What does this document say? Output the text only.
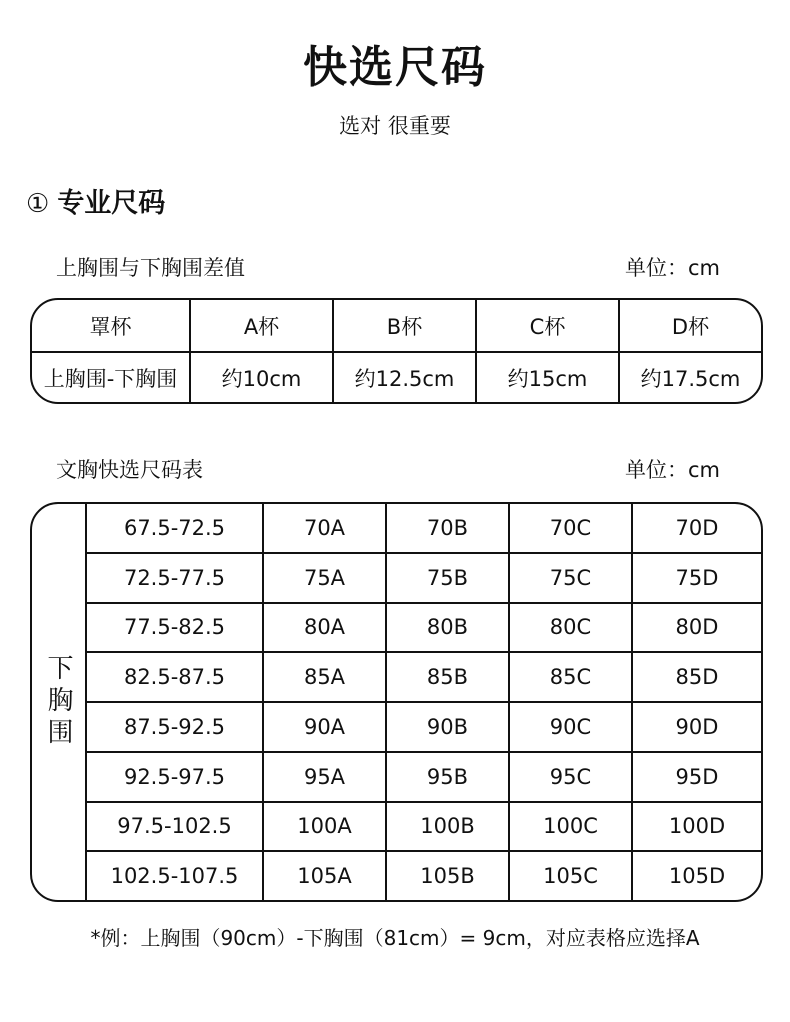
快选尺码
选对 很重要
① 专业尺码
上胸围与下胸围差值	单位：cm
罩杯	A杯	B杯	C杯	D杯
上胸围-下胸围	约10cm	约12.5cm	约15cm	约17.5cm
文胸快选尺码表	单位：cm
下胸围
67.5-72.5	70A	70B	70C	70D
72.5-77.5	75A	75B	75C	75D
77.5-82.5	80A	80B	80C	80D
82.5-87.5	85A	85B	85C	85D
87.5-92.5	90A	90B	90C	90D
92.5-97.5	95A	95B	95C	95D
97.5-102.5	100A	100B	100C	100D
102.5-107.5	105A	105B	105C	105D
*例：上胸围（90cm）-下胸围（81cm）= 9cm，对应表格应选择A
